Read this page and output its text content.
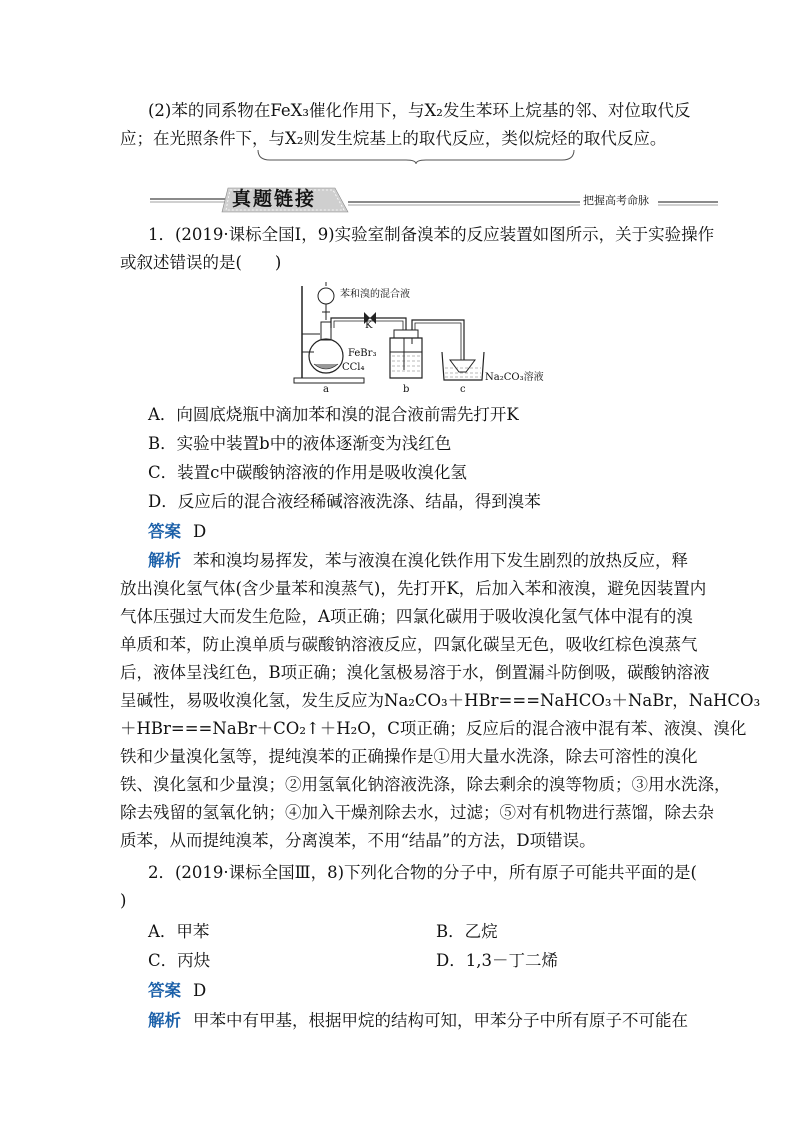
(2)苯的同系物在FeX₃催化作用下，与X₂发生苯环上烷基的邻、对位取代反
应；在光照条件下，与X₂则发生烷基上的取代反应，类似烷烃的取代反应。
真题链接	把握高考命脉
1．(2019·课标全国Ⅰ，9)实验室制备溴苯的反应装置如图所示，关于实验操作
或叙述错误的是(　　)
苯和溴的混合液
K
FeBr₃
CCl₄
Na₂CO₃溶液
a	b	c
A．向圆底烧瓶中滴加苯和溴的混合液前需先打开K
B．实验中装置b中的液体逐渐变为浅红色
C．装置c中碳酸钠溶液的作用是吸收溴化氢
D．反应后的混合液经稀碱溶液洗涤、结晶，得到溴苯
答案 D
解析 苯和溴均易挥发，苯与液溴在溴化铁作用下发生剧烈的放热反应，释
放出溴化氢气体(含少量苯和溴蒸气)，先打开K，后加入苯和液溴，避免因装置内
气体压强过大而发生危险，A项正确；四氯化碳用于吸收溴化氢气体中混有的溴
单质和苯，防止溴单质与碳酸钠溶液反应，四氯化碳呈无色，吸收红棕色溴蒸气
后，液体呈浅红色，B项正确；溴化氢极易溶于水，倒置漏斗防倒吸，碳酸钠溶液
呈碱性，易吸收溴化氢，发生反应为Na₂CO₃＋HBr===NaHCO₃＋NaBr，NaHCO₃
＋HBr===NaBr＋CO₂↑＋H₂O，C项正确；反应后的混合液中混有苯、液溴、溴化
铁和少量溴化氢等，提纯溴苯的正确操作是①用大量水洗涤，除去可溶性的溴化
铁、溴化氢和少量溴；②用氢氧化钠溶液洗涤，除去剩余的溴等物质；③用水洗涤，
除去残留的氢氧化钠；④加入干燥剂除去水，过滤；⑤对有机物进行蒸馏，除去杂
质苯，从而提纯溴苯，分离溴苯，不用“结晶”的方法，D项错误。
2．(2019·课标全国Ⅲ，8)下列化合物的分子中，所有原子可能共平面的是(
)
A．甲苯	B．乙烷
C．丙炔	D．1,3－丁二烯
答案 D
解析 甲苯中有甲基，根据甲烷的结构可知，甲苯分子中所有原子不可能在
